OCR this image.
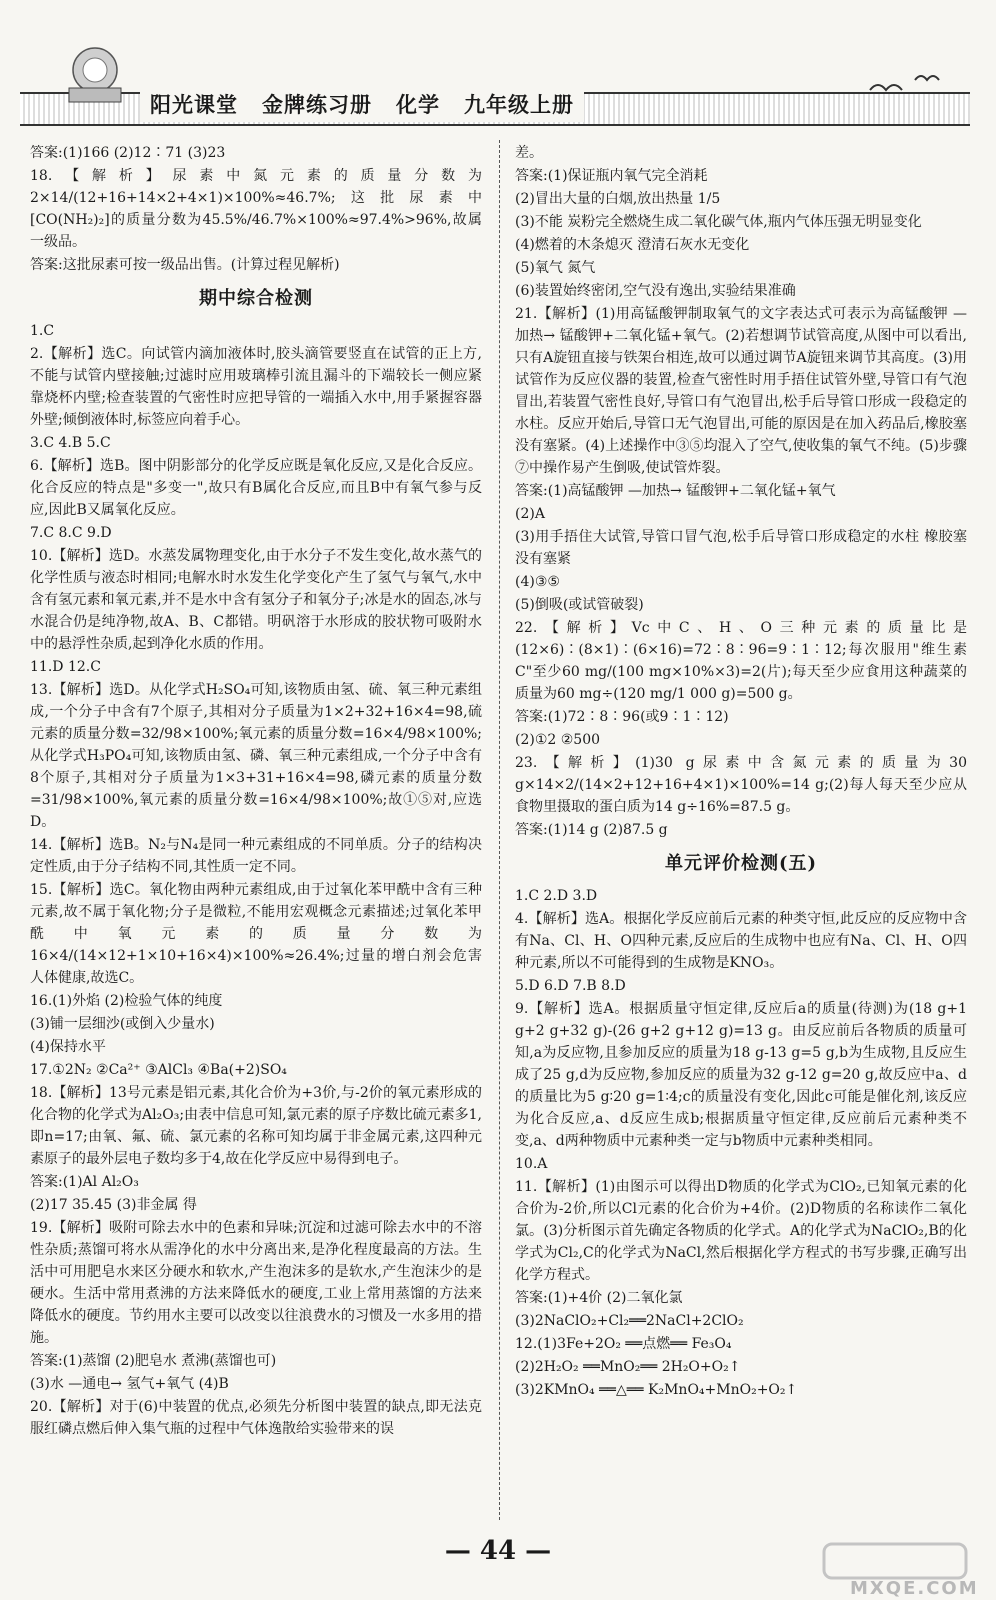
阳光课堂 金牌练习册 化学 九年级上册
答案:(1)166 (2)12∶71 (3)23
18.【解析】尿素中氮元素的质量分数为2×14/(12+16+14×2+4×1)×100%≈46.7%;这批尿素中[CO(NH₂)₂]的质量分数为45.5%/46.7%×100%≈97.4%>96%,故属一级品。
答案:这批尿素可按一级品出售。(计算过程见解析)
期中综合检测
1.C
2.【解析】选C。向试管内滴加液体时,胶头滴管要竖直在试管的正上方,不能与试管内壁接触;过滤时应用玻璃棒引流且漏斗的下端较长一侧应紧靠烧杯内壁;检查装置的气密性时应把导管的一端插入水中,用手紧握容器外壁;倾倒液体时,标签应向着手心。
3.C 4.B 5.C
6.【解析】选B。图中阴影部分的化学反应既是氧化反应,又是化合反应。化合反应的特点是"多变一",故只有B属化合反应,而且B中有氧气参与反应,因此B又属氧化反应。
7.C 8.C 9.D
10.【解析】选D。水蒸发属物理变化,由于水分子不发生变化,故水蒸气的化学性质与液态时相同;电解水时水发生化学变化产生了氢气与氧气,水中含有氢元素和氧元素,并不是水中含有氢分子和氧分子;冰是水的固态,冰与水混合仍是纯净物,故A、B、C都错。明矾溶于水形成的胶状物可吸附水中的悬浮性杂质,起到净化水质的作用。
11.D 12.C
13.【解析】选D。从化学式H₂SO₄可知,该物质由氢、硫、氧三种元素组成,一个分子中含有7个原子,其相对分子质量为1×2+32+16×4=98,硫元素的质量分数=32/98×100%;氧元素的质量分数=16×4/98×100%;从化学式H₃PO₄可知,该物质由氢、磷、氧三种元素组成,一个分子中含有8个原子,其相对分子质量为1×3+31+16×4=98,磷元素的质量分数=31/98×100%,氧元素的质量分数=16×4/98×100%;故①⑤对,应选D。
14.【解析】选B。N₂与N₄是同一种元素组成的不同单质。分子的结构决定性质,由于分子结构不同,其性质一定不同。
15.【解析】选C。氧化物由两种元素组成,由于过氧化苯甲酰中含有三种元素,故不属于氧化物;分子是微粒,不能用宏观概念元素描述;过氧化苯甲酰中氧元素的质量分数为16×4/(14×12+1×10+16×4)×100%≈26.4%;过量的增白剂会危害人体健康,故选C。
16.(1)外焰 (2)检验气体的纯度
(3)铺一层细沙(或倒入少量水)
(4)保持水平
17.①2N₂ ②Ca²⁺ ③AlCl₃ ④Ba(+2)SO₄
18.【解析】13号元素是铝元素,其化合价为+3价,与-2价的氧元素形成的化合物的化学式为Al₂O₃;由表中信息可知,氯元素的原子序数比硫元素多1,即n=17;由氧、氟、硫、氯元素的名称可知均属于非金属元素,这四种元素原子的最外层电子数均多于4,故在化学反应中易得到电子。
答案:(1)Al Al₂O₃
(2)17 35.45 (3)非金属 得
19.【解析】吸附可除去水中的色素和异味;沉淀和过滤可除去水中的不溶性杂质;蒸馏可将水从需净化的水中分离出来,是净化程度最高的方法。生活中可用肥皂水来区分硬水和软水,产生泡沫多的是软水,产生泡沫少的是硬水。生活中常用煮沸的方法来降低水的硬度,工业上常用蒸馏的方法来降低水的硬度。节约用水主要可以改变以往浪费水的习惯及一水多用的措施。
答案:(1)蒸馏 (2)肥皂水 煮沸(蒸馏也可)
(3)水 —通电→ 氢气+氧气 (4)B
20.【解析】对于(6)中装置的优点,必须先分析图中装置的缺点,即无法克服红磷点燃后伸入集气瓶的过程中气体逸散给实验带来的误
差。
答案:(1)保证瓶内氧气完全消耗
(2)冒出大量的白烟,放出热量 1/5
(3)不能 炭粉完全燃烧生成二氧化碳气体,瓶内气体压强无明显变化
(4)燃着的木条熄灭 澄清石灰水无变化
(5)氧气 氮气
(6)装置始终密闭,空气没有逸出,实验结果准确
21.【解析】(1)用高锰酸钾制取氧气的文字表达式可表示为高锰酸钾 —加热→ 锰酸钾+二氧化锰+氧气。(2)若想调节试管高度,从图中可以看出,只有A旋钮直接与铁架台相连,故可以通过调节A旋钮来调节其高度。(3)用试管作为反应仪器的装置,检查气密性时用手捂住试管外壁,导管口有气泡冒出,若装置气密性良好,导管口有气泡冒出,松手后导管口形成一段稳定的水柱。反应开始后,导管口无气泡冒出,可能的原因是在加入药品后,橡胶塞没有塞紧。(4)上述操作中③⑤均混入了空气,使收集的氧气不纯。(5)步骤⑦中操作易产生倒吸,使试管炸裂。
答案:(1)高锰酸钾 —加热→ 锰酸钾+二氧化锰+氧气
(2)A
(3)用手捂住大试管,导管口冒气泡,松手后导管口形成稳定的水柱 橡胶塞没有塞紧
(4)③⑤
(5)倒吸(或试管破裂)
22.【解析】Vc中C、H、O三种元素的质量比是(12×6)∶(8×1)∶(6×16)=72∶8∶96=9∶1∶12;每次服用"维生素C"至少60 mg/(100 mg×10%×3)=2(片);每天至少应食用这种蔬菜的质量为60 mg÷(120 mg/1 000 g)=500 g。
答案:(1)72∶8∶96(或9∶1∶12)
(2)①2 ②500
23.【解析】(1)30 g尿素中含氮元素的质量为30 g×14×2/(14×2+12+16+4×1)×100%=14 g;(2)每人每天至少应从食物里摄取的蛋白质为14 g÷16%=87.5 g。
答案:(1)14 g (2)87.5 g
单元评价检测(五)
1.C 2.D 3.D
4.【解析】选A。根据化学反应前后元素的种类守恒,此反应的反应物中含有Na、Cl、H、O四种元素,反应后的生成物中也应有Na、Cl、H、O四种元素,所以不可能得到的生成物是KNO₃。
5.D 6.D 7.B 8.D
9.【解析】选A。根据质量守恒定律,反应后a的质量(待测)为(18 g+1 g+2 g+32 g)-(26 g+2 g+12 g)=13 g。由反应前后各物质的质量可知,a为反应物,且参加反应的质量为18 g-13 g=5 g,b为生成物,且反应生成了25 g,d为反应物,参加反应的质量为32 g-12 g=20 g,故反应中a、d的质量比为5 g∶20 g=1∶4;c的质量没有变化,因此c可能是催化剂,该反应为化合反应,a、d反应生成b;根据质量守恒定律,反应前后元素种类不变,a、d两种物质中元素种类一定与b物质中元素种类相同。
10.A
11.【解析】(1)由图示可以得出D物质的化学式为ClO₂,已知氧元素的化合价为-2价,所以Cl元素的化合价为+4价。(2)D物质的名称读作二氧化氯。(3)分析图示首先确定各物质的化学式。A的化学式为NaClO₂,B的化学式为Cl₂,C的化学式为NaCl,然后根据化学方程式的书写步骤,正确写出化学方程式。
答案:(1)+4价 (2)二氧化氯
(3)2NaClO₂+Cl₂══2NaCl+2ClO₂
12.(1)3Fe+2O₂ ══点燃══ Fe₃O₄
(2)2H₂O₂ ══MnO₂══ 2H₂O+O₂↑
(3)2KMnO₄ ══△══ K₂MnO₄+MnO₂+O₂↑
— 44 —
MXQE.COM
